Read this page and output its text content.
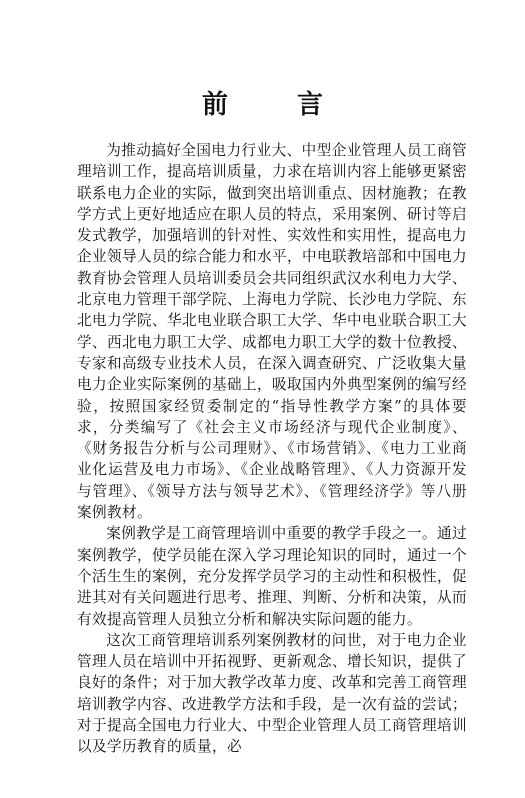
前 言

为推动搞好全国电力行业大、中型企业管理人员工商管理培训工作，提高培训质量，力求在培训内容上能够更紧密联系电力企业的实际，做到突出培训重点、因材施教；在教学方式上更好地适应在职人员的特点，采用案例、研讨等启发式教学，加强培训的针对性、实效性和实用性，提高电力企业领导人员的综合能力和水平，中电联教培部和中国电力教育协会管理人员培训委员会共同组织武汉水利电力大学、北京电力管理干部学院、上海电力学院、长沙电力学院、东北电力学院、华北电业联合职工大学、华中电业联合职工大学、西北电力职工大学、成都电力职工大学的数十位教授、专家和高级专业技术人员，在深入调查研究、广泛收集大量电力企业实际案例的基础上，吸取国内外典型案例的编写经验，按照国家经贸委制定的“指导性教学方案”的具体要求，分类编写了《社会主义市场经济与现代企业制度》、《财务报告分析与公司理财》、《市场营销》、《电力工业商业化运营及电力市场》、《企业战略管理》、《人力资源开发与管理》、《领导方法与领导艺术》、《管理经济学》等八册案例教材。

案例教学是工商管理培训中重要的教学手段之一。通过案例教学，使学员能在深入学习理论知识的同时，通过一个个活生生的案例，充分发挥学员学习的主动性和积极性，促进其对有关问题进行思考、推理、判断、分析和决策，从而有效提高管理人员独立分析和解决实际问题的能力。

这次工商管理培训系列案例教材的问世，对于电力企业管理人员在培训中开拓视野、更新观念、增长知识，提供了良好的条件；对于加大教学改革力度、改革和完善工商管理培训教学内容、改进教学方法和手段，是一次有益的尝试；对于提高全国电力行业大、中型企业管理人员工商管理培训以及学历教育的质量，必
